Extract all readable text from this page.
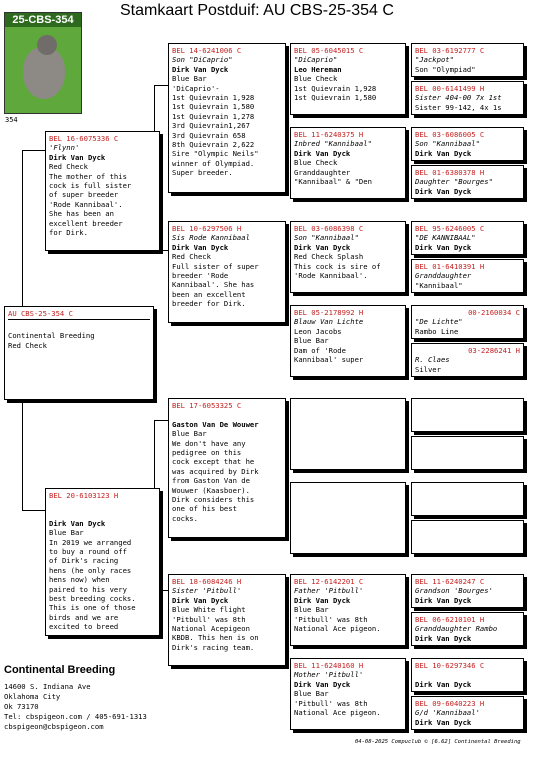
Stamkaart Postduif: AU CBS-25-354 C
25-CBS-354
354
AU CBS-25-354 C
Continental Breeding
Red Check
BEL 16-6075336 C
'Flynn'
Dirk Van Dyck
Red Check
The mother of this
cock is full sister
of super breeder
'Rode Kannibaal'.
She has been an
excellent breeder
for Dirk.
BEL 20-6103123 H

Dirk Van Dyck
Blue Bar
In 2019 we arranged
to buy a round off
of Dirk's racing
hens (he only races
hens now) when
paired to his very
best breeding cocks.
This is one of those
birds and we are
excited to breed
BEL 14-6241006 C
Son "DiCaprio"
Dirk Van Dyck
Blue Bar
'DiCaprio'-
1st Quievrain 1,928
1st Quievrain 1,580
1st Quievrain 1,278
3rd Quievrain1,267
3rd Quievrain 658
8th Quievrain 2,622
Sire "Olympic Neils"
winner of Olympiad.
Super breeder.
BEL 10-6297506 H
Sis Rode Kannibaal
Dirk Van Dyck
Red Check
Full sister of super
breeder 'Rode
Kannibaal'. She has
been an excellent
breeder for Dirk.
BEL 17-6053325 C

Gaston Van De Wouwer
Blue Bar
We don't have any
pedigree on this
cock except that he
was acquired by Dirk
from Gaston Van de
Wouwer (Kaasboer).
Dirk considers this
one of his best
cocks.
BEL 18-6084246 H
Sister 'Pitbull'
Dirk Van Dyck
Blue White flight
'Pitbull' was 8th
National Acepigeon
KBDB. This hen is on
Dirk's racing team.
BEL 05-6045015 C
"DiCaprio"
Leo Hereman
Blue Check
1st Quievrain 1,928
1st Quievrain 1,580
BEL 11-6240375 H
Inbred "Kannibaal"
Dirk Van Dyck
Blue Check
Granddaughter
"Kannibaal" & "Den
BEL 03-6086398 C
Son "Kannibaal"
Dirk Van Dyck
Red Check Splash
This cock is sire of
'Rode Kannibaal'.
BEL 05-2178992 H
Blauw Van Lichte
Leon Jacobs
Blue Bar
Dam of 'Rode
Kannibaal' super
BEL 12-6142201 C
Father 'Pitbull'
Dirk Van Dyck
Blue Bar
'Pitbull' was 8th
National Ace pigeon.
BEL 11-6240160 H
Mother 'Pitbull'
Dirk Van Dyck
Blue Bar
'Pitbull' was 8th
National Ace pigeon.
BEL 03-6192777 C
"Jackpot"
Son "Olympiad"
BEL 00-6141499 H
Sister 404-00 7x 1st
Sister 99-142, 4x 1s
BEL 03-6086005 C
Son "Kannibaal"
Dirk Van Dyck
BEL 01-6380378 H
Daughter "Bourges"
Dirk Van Dyck
BEL 95-6246005 C
"DE KANNIBAAL"
Dirk Van Dyck
BEL 01-6410391 H
Granddaughter
"Kannibaal"
00-2160034 C
"De Lichte"
Rambo Line
03-2286241 H
R. Claes
Silver
BEL 11-6240247 C
Grandson 'Bourges'
Dirk Van Dyck
BEL 06-6210101 H
Granddaughter Rambo
Dirk Van Dyck
BEL 10-6297346 C

Dirk Van Dyck
BEL 09-6040223 H
G/d 'Kannibaal'
Dirk Van Dyck
Continental Breeding
14600 S. Indiana Ave
Oklahoma City
Ok 73170
Tel: cbspigeon.com / 405-691-1313
cbspigeon@cbspigeon.com
04-08-2025 Compuclub © [6.62] Continental Breeding
